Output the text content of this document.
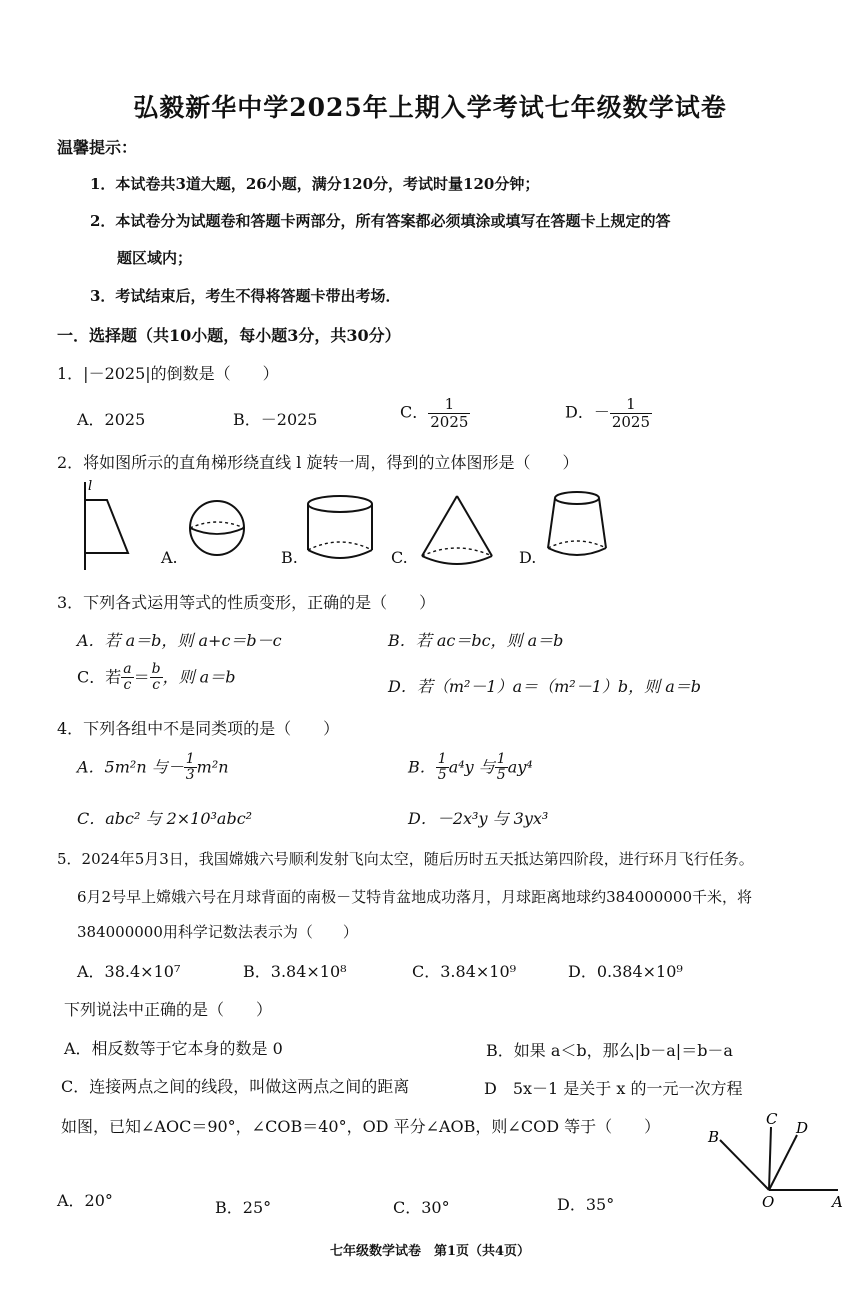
弘毅新华中学2025年上期入学考试七年级数学试卷
温馨提示：
1．本试卷共3道大题，26小题，满分120分，考试时量120分钟；
2．本试卷分为试题卷和答题卡两部分，所有答案都必须填涂或填写在答题卡上规定的答
题区域内；
3．考试结束后，考生不得将答题卡带出考场．
一．选择题（共10小题，每小题3分，共30分）
1．|－2025|的倒数是（　　）
A．2025	B．－2025	C． $\frac{1}{2025}$	D．－ $\frac{1}{2025}$
2．将如图所示的直角梯形绕直线 l 旋转一周，得到的立体图形是（　　）
l
A.	B.	C.	D.
3．下列各式运用等式的性质变形，正确的是（　　）
A．若 a＝b，则 a+c＝b－c	B．若 ac＝bc，则 a＝b
C．若 $\frac{a}{c} = \frac{b}{c}$ ，则 a＝b
D．若（m²－1）a＝（m²－1）b，则 a＝b
4．下列各组中不是同类项的是（　　）
A．5m²n 与－ $\frac{1}{3} m^2n$	B． $\frac{1}{5} a^4y$ 与 $\frac{1}{5} ay^4$
C．abc² 与 2×10³abc²	D．－2x³y 与 3yx³
5．2024年5月3日，我国嫦娥六号顺利发射飞向太空，随后历时五天抵达第四阶段，进行环月飞行任务。
6月2号早上嫦娥六号在月球背面的南极－艾特肯盆地成功落月，月球距离地球约384000000千米，将
384000000用科学记数法表示为（　　）
A．38.4×10⁷	B．3.84×10⁸	C．3.84×10⁹	D．0.384×10⁹
下列说法中正确的是（　　）
A．相反数等于它本身的数是 0	B．如果 a＜b，那么|b－a|＝b－a
C．连接两点之间的线段，叫做这两点之间的距离	D　5x－1 是关于 x 的一元一次方程
如图，已知∠AOC＝90°，∠COB＝40°，OD 平分∠AOB，则∠COD 等于（　　）
A．20°	B．25°	C．30°	D．35°	A
B
C D
O
七年级数学试卷　第1页（共4页）
